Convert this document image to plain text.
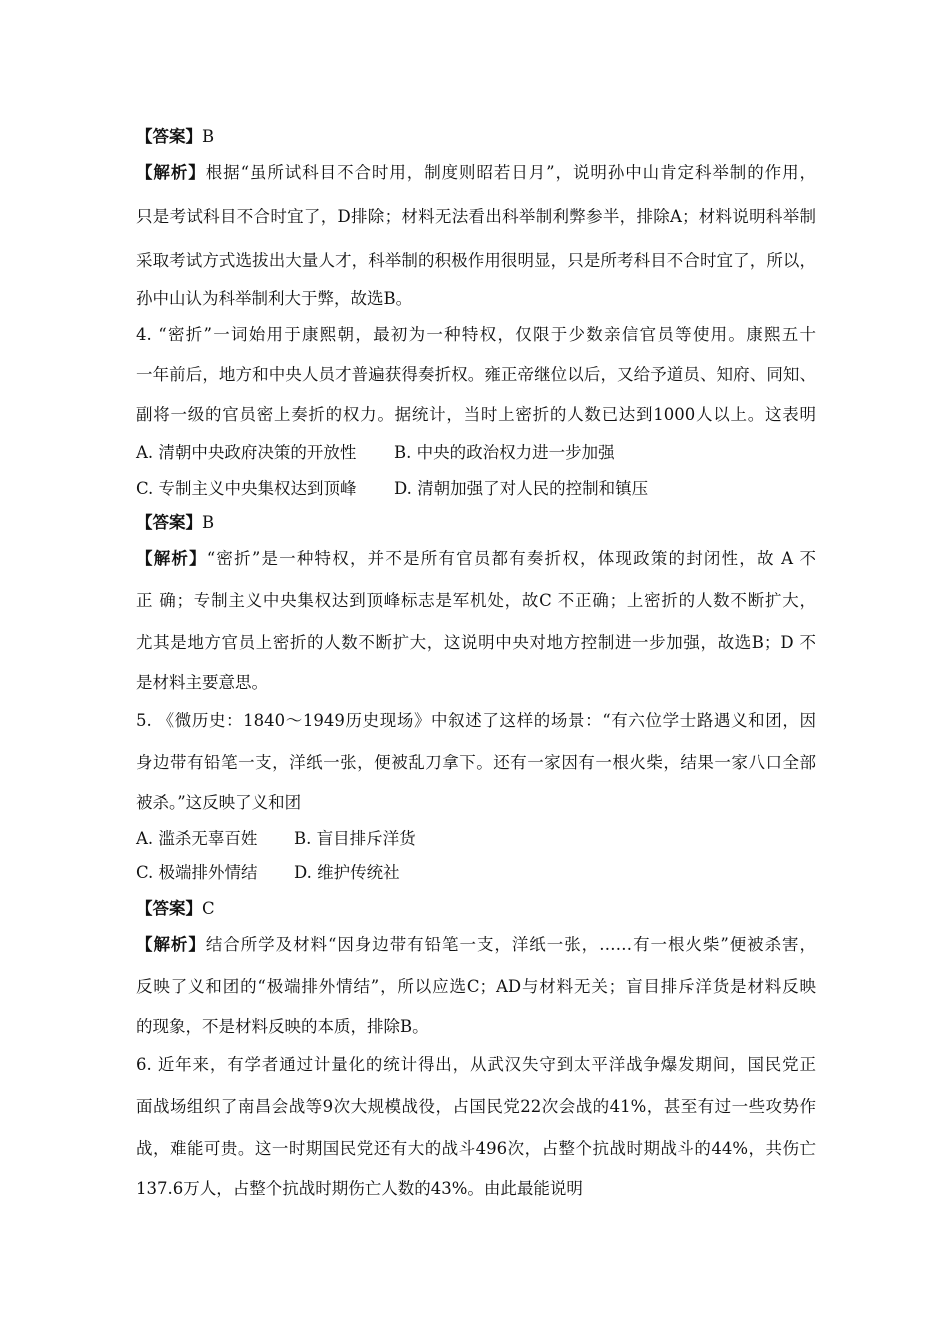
【答案】B
【解析】根据“虽所试科目不合时用，制度则昭若日月”，说明孙中山肯定科举制的作用，
只是考试科目不合时宜了，D排除；材料无法看出科举制利弊参半，排除A；材料说明科举制
采取考试方式选拔出大量人才，科举制的积极作用很明显，只是所考科目不合时宜了，所以，
孙中山认为科举制利大于弊，故选B。
4. “密折”一词始用于康熙朝，最初为一种特权，仅限于少数亲信官员等使用。康熙五十
一年前后，地方和中央人员才普遍获得奏折权。雍正帝继位以后，又给予道员、知府、同知、
副将一级的官员密上奏折的权力。据统计，当时上密折的人数已达到1000人以上。这表明
A. 清朝中央政府决策的开放性 B. 中央的政治权力进一步加强
C. 专制主义中央集权达到顶峰 D. 清朝加强了对人民的控制和镇压
【答案】B
【解析】“密折”是一种特权，并不是所有官员都有奏折权，体现政策的封闭性，故 A 不
正 确；专制主义中央集权达到顶峰标志是军机处，故C 不正确；上密折的人数不断扩大，
尤其是地方官员上密折的人数不断扩大，这说明中央对地方控制进一步加强，故选B；D 不
是材料主要意思。
5. 《微历史：1840～1949历史现场》中叙述了这样的场景：“有六位学士路遇义和团，因
身边带有铅笔一支，洋纸一张，便被乱刀拿下。还有一家因有一根火柴，结果一家八口全部
被杀。”这反映了义和团
A. 滥杀无辜百姓 B. 盲目排斥洋货
C. 极端排外情结 D. 维护传统社
【答案】C
【解析】结合所学及材料“因身边带有铅笔一支，洋纸一张，……有一根火柴”便被杀害，
反映了义和团的“极端排外情结”，所以应选C；AD与材料无关；盲目排斥洋货是材料反映
的现象，不是材料反映的本质，排除B。
6. 近年来，有学者通过计量化的统计得出，从武汉失守到太平洋战争爆发期间，国民党正
面战场组织了南昌会战等9次大规模战役，占国民党22次会战的41%，甚至有过一些攻势作
战，难能可贵。这一时期国民党还有大的战斗496次，占整个抗战时期战斗的44%，共伤亡
137.6万人，占整个抗战时期伤亡人数的43%。由此最能说明
